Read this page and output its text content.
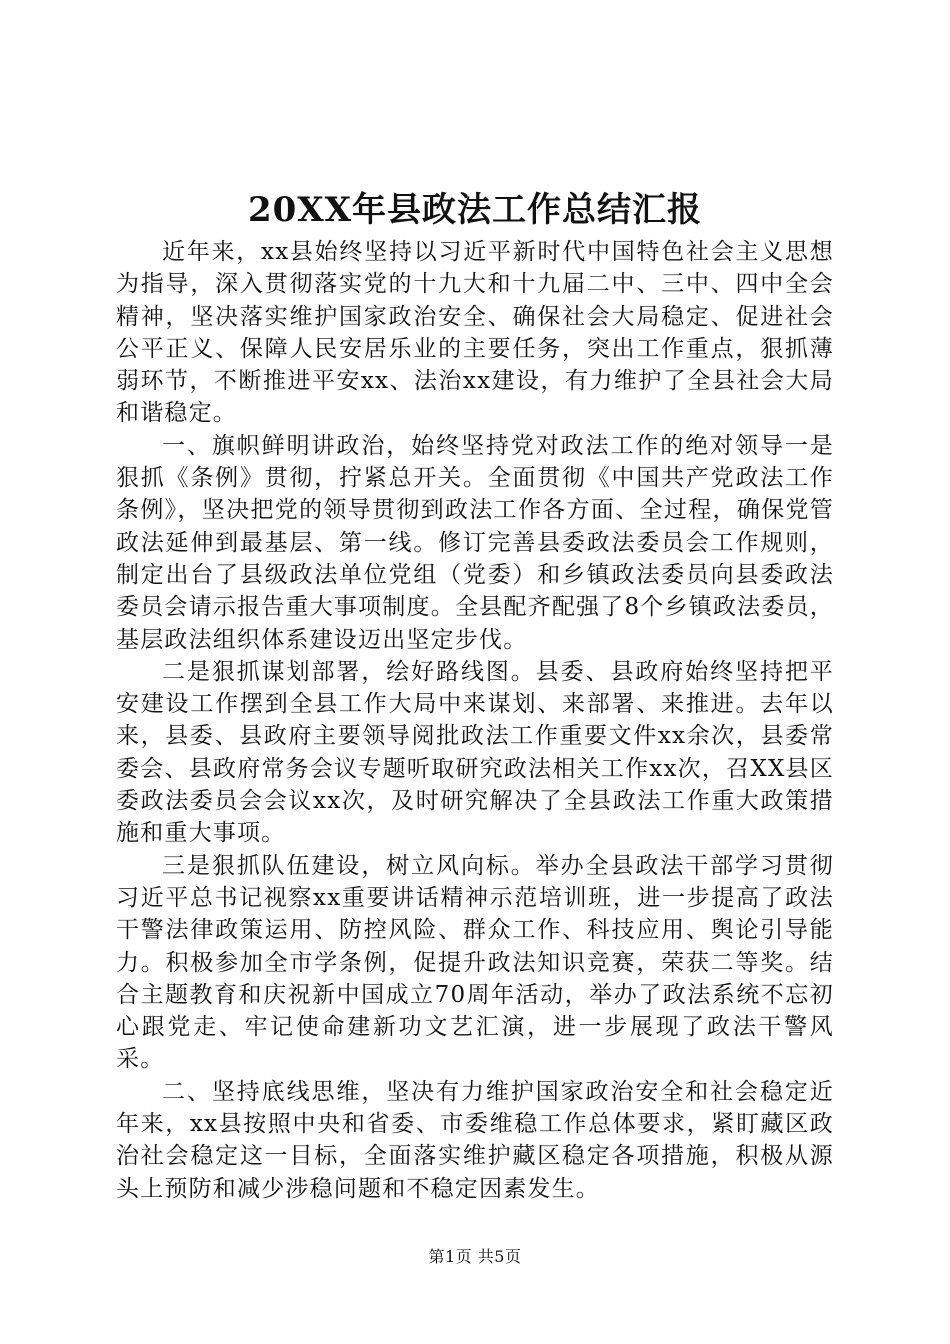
20XX年县政法工作总结汇报

近年来，xx县始终坚持以习近平新时代中国特色社会主义思想为指导，深入贯彻落实党的十九大和十九届二中、三中、四中全会精神，坚决落实维护国家政治安全、确保社会大局稳定、促进社会公平正义、保障人民安居乐业的主要任务，突出工作重点，狠抓薄弱环节，不断推进平安xx、法治xx建设，有力维护了全县社会大局和谐稳定。

一、旗帜鲜明讲政治，始终坚持党对政法工作的绝对领导一是狠抓《条例》贯彻，拧紧总开关。全面贯彻《中国共产党政法工作条例》，坚决把党的领导贯彻到政法工作各方面、全过程，确保党管政法延伸到最基层、第一线。修订完善县委政法委员会工作规则，制定出台了县级政法单位党组（党委）和乡镇政法委员向县委政法委员会请示报告重大事项制度。全县配齐配强了8个乡镇政法委员，基层政法组织体系建设迈出坚定步伐。

二是狠抓谋划部署，绘好路线图。县委、县政府始终坚持把平安建设工作摆到全县工作大局中来谋划、来部署、来推进。去年以来，县委、县政府主要领导阅批政法工作重要文件xx余次，县委常委会、县政府常务会议专题听取研究政法相关工作xx次，召XX县区委政法委员会会议xx次，及时研究解决了全县政法工作重大政策措施和重大事项。

三是狠抓队伍建设，树立风向标。举办全县政法干部学习贯彻习近平总书记视察xx重要讲话精神示范培训班，进一步提高了政法干警法律政策运用、防控风险、群众工作、科技应用、舆论引导能力。积极参加全市学条例，促提升政法知识竞赛，荣获二等奖。结合主题教育和庆祝新中国成立70周年活动，举办了政法系统不忘初心跟党走、牢记使命建新功文艺汇演，进一步展现了政法干警风采。

二、坚持底线思维，坚决有力维护国家政治安全和社会稳定近年来，xx县按照中央和省委、市委维稳工作总体要求，紧盯藏区政治社会稳定这一目标，全面落实维护藏区稳定各项措施，积极从源头上预防和减少涉稳问题和不稳定因素发生。

第1页 共5页
